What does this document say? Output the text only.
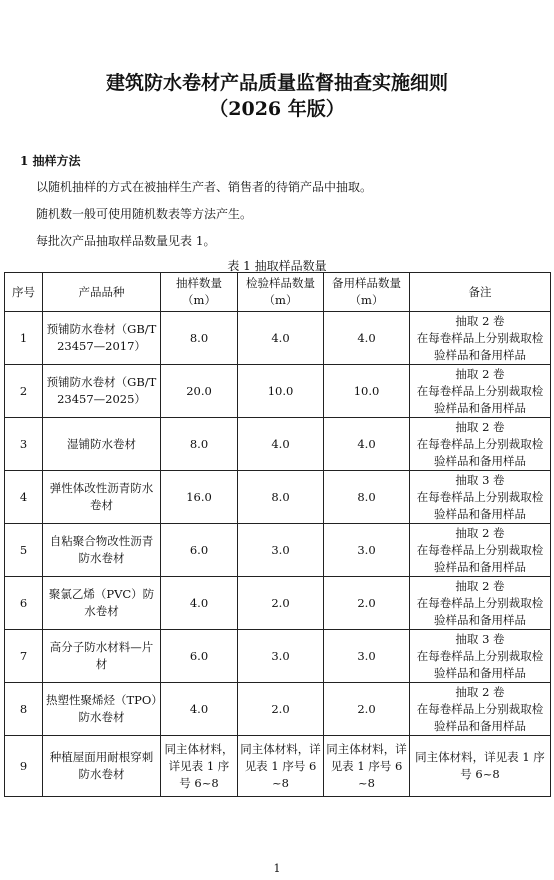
建筑防水卷材产品质量监督抽查实施细则
（2026 年版）
1 抽样方法
以随机抽样的方式在被抽样生产者、销售者的待销产品中抽取。
随机数一般可使用随机数表等方法产生。
每批次产品抽取样品数量见表 1。
表 1 抽取样品数量
序号	产品品种	抽样数量（m）	检验样品数量（m）	备用样品数量（m）	备注
1	预铺防水卷材（GB/T 23457—2017）	8.0	4.0	4.0	抽取 2 卷
在每卷样品上分别裁取检验样品和备用样品
2	预铺防水卷材（GB/T 23457—2025）	20.0	10.0	10.0	抽取 2 卷
在每卷样品上分别裁取检验样品和备用样品
3	湿铺防水卷材	8.0	4.0	4.0	抽取 2 卷
在每卷样品上分别裁取检验样品和备用样品
4	弹性体改性沥青防水卷材	16.0	8.0	8.0	抽取 3 卷
在每卷样品上分别裁取检验样品和备用样品
5	自粘聚合物改性沥青防水卷材	6.0	3.0	3.0	抽取 2 卷
在每卷样品上分别裁取检验样品和备用样品
6	聚氯乙烯（PVC）防水卷材	4.0	2.0	2.0	抽取 2 卷
在每卷样品上分别裁取检验样品和备用样品
7	高分子防水材料—片材	6.0	3.0	3.0	抽取 3 卷
在每卷样品上分别裁取检验样品和备用样品
8	热塑性聚烯烃（TPO）防水卷材	4.0	2.0	2.0	抽取 2 卷
在每卷样品上分别裁取检验样品和备用样品
9	种植屋面用耐根穿刺防水卷材	同主体材料，详见表 1 序号 6~8	同主体材料，详见表 1 序号 6~8	同主体材料，详见表 1 序号 6~8	同主体材料，详见表 1 序号 6~8
1
